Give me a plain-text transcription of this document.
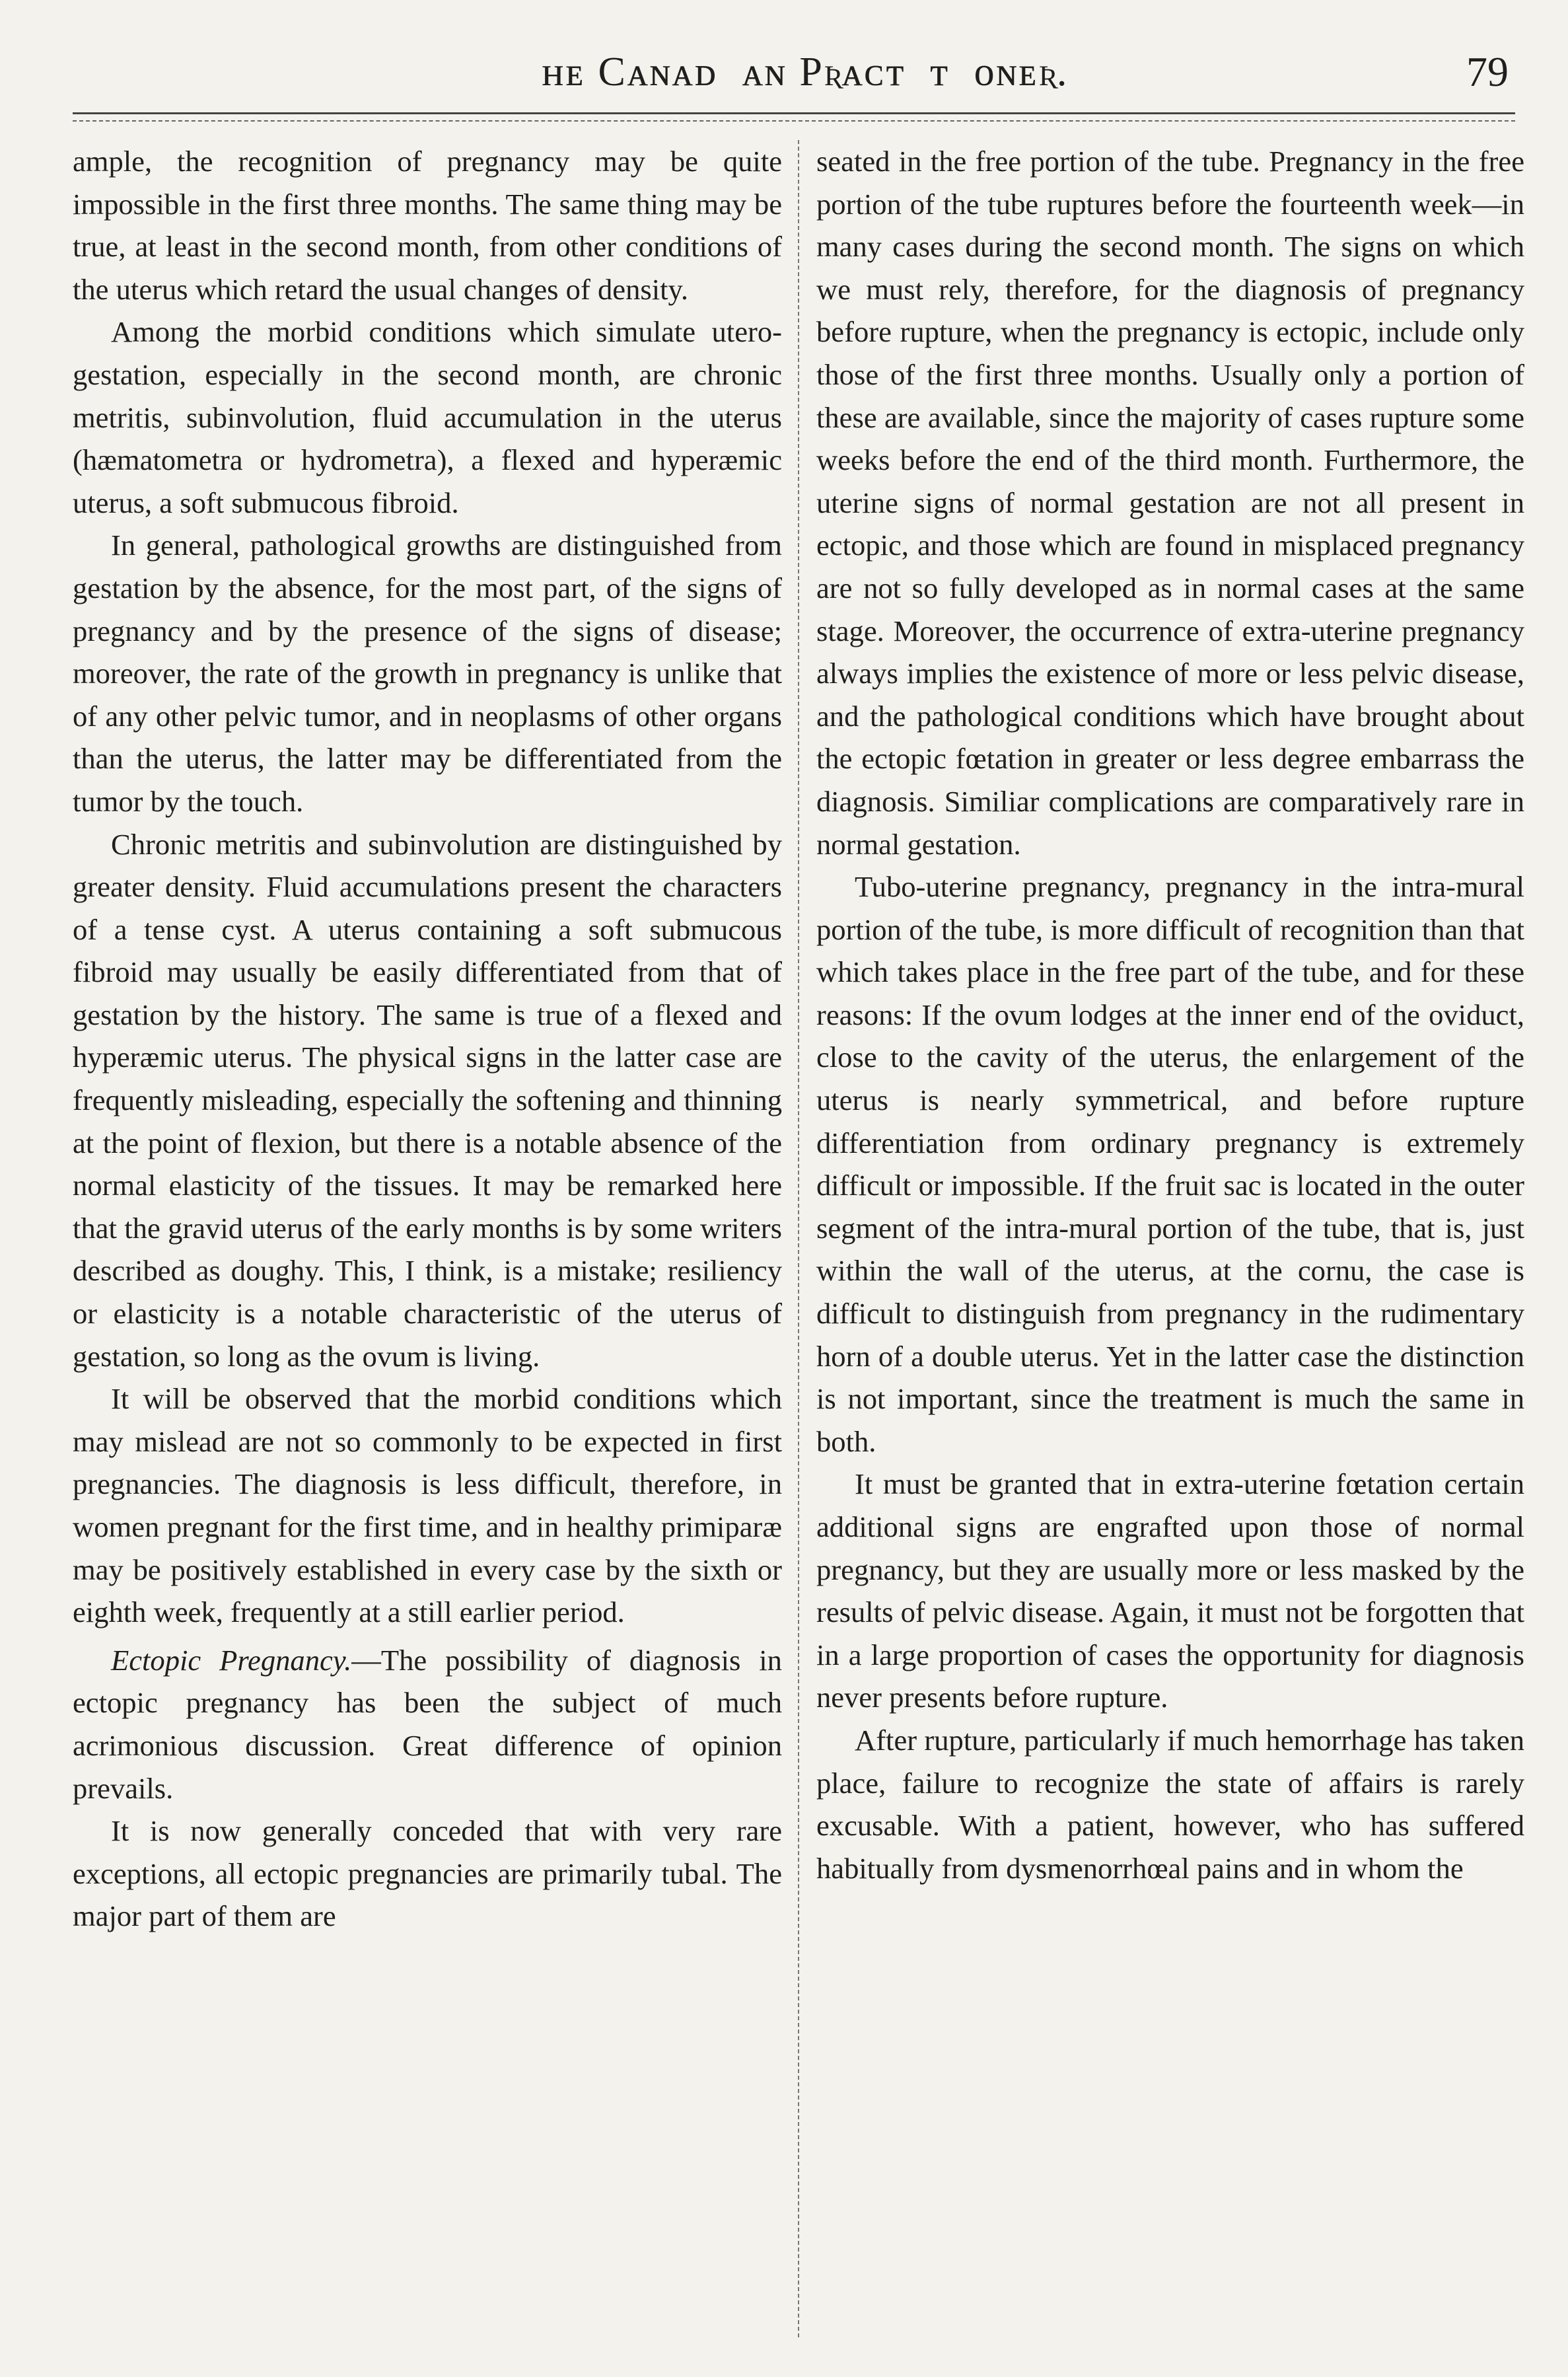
ɪ ʜᴇ Cᴀɴᴀᴅɪᴀɴ Pʀᴀᴄᴛɪᴛɪᴏɴᴇʀ.	79

ample, the recognition of pregnancy may be quite impossible in the first three months. The same thing may be true, at least in the second month, from other conditions of the uterus which retard the usual changes of density.

Among the morbid conditions which simulate utero-gestation, especially in the second month, are chronic metritis, subinvolution, fluid accumulation in the uterus (hæmatometra or hydrometra), a flexed and hyperæmic uterus, a soft submucous fibroid.

In general, pathological growths are distinguished from gestation by the absence, for the most part, of the signs of pregnancy and by the presence of the signs of disease; moreover, the rate of the growth in pregnancy is unlike that of any other pelvic tumor, and in neoplasms of other organs than the uterus, the latter may be differentiated from the tumor by the touch.

Chronic metritis and subinvolution are distinguished by greater density. Fluid accumulations present the characters of a tense cyst. A uterus containing a soft submucous fibroid may usually be easily differentiated from that of gestation by the history. The same is true of a flexed and hyperæmic uterus. The physical signs in the latter case are frequently misleading, especially the softening and thinning at the point of flexion, but there is a notable absence of the normal elasticity of the tissues. It may be remarked here that the gravid uterus of the early months is by some writers described as doughy. This, I think, is a mistake; resiliency or elasticity is a notable characteristic of the uterus of gestation, so long as the ovum is living.

It will be observed that the morbid conditions which may mislead are not so commonly to be expected in first pregnancies. The diagnosis is less difficult, therefore, in women pregnant for the first time, and in healthy primiparæ may be positively established in every case by the sixth or eighth week, frequently at a still earlier period.

Ectopic Pregnancy.—The possibility of diagnosis in ectopic pregnancy has been the subject of much acrimonious discussion. Great difference of opinion prevails.

It is now generally conceded that with very rare exceptions, all ectopic pregnancies are primarily tubal. The major part of them are

seated in the free portion of the tube. Pregnancy in the free portion of the tube ruptures before the fourteenth week—in many cases during the second month. The signs on which we must rely, therefore, for the diagnosis of pregnancy before rupture, when the pregnancy is ectopic, include only those of the first three months. Usually only a portion of these are available, since the majority of cases rupture some weeks before the end of the third month. Furthermore, the uterine signs of normal gestation are not all present in ectopic, and those which are found in misplaced pregnancy are not so fully developed as in normal cases at the same stage. Moreover, the occurrence of extra-uterine pregnancy always implies the existence of more or less pelvic disease, and the pathological conditions which have brought about the ectopic fœtation in greater or less degree embarrass the diagnosis. Similiar complications are comparatively rare in normal gestation.

Tubo-uterine pregnancy, pregnancy in the intra-mural portion of the tube, is more difficult of recognition than that which takes place in the free part of the tube, and for these reasons: If the ovum lodges at the inner end of the oviduct, close to the cavity of the uterus, the enlargement of the uterus is nearly symmetrical, and before rupture differentiation from ordinary pregnancy is extremely difficult or impossible. If the fruit sac is located in the outer segment of the intra-mural portion of the tube, that is, just within the wall of the uterus, at the cornu, the case is difficult to distinguish from pregnancy in the rudimentary horn of a double uterus. Yet in the latter case the distinction is not important, since the treatment is much the same in both.

It must be granted that in extra-uterine fœtation certain additional signs are engrafted upon those of normal pregnancy, but they are usually more or less masked by the results of pelvic disease. Again, it must not be forgotten that in a large proportion of cases the opportunity for diagnosis never presents before rupture.

After rupture, particularly if much hemorrhage has taken place, failure to recognize the state of affairs is rarely excusable. With a patient, however, who has suffered habitually from dysmenorrhœal pains and in whom the
